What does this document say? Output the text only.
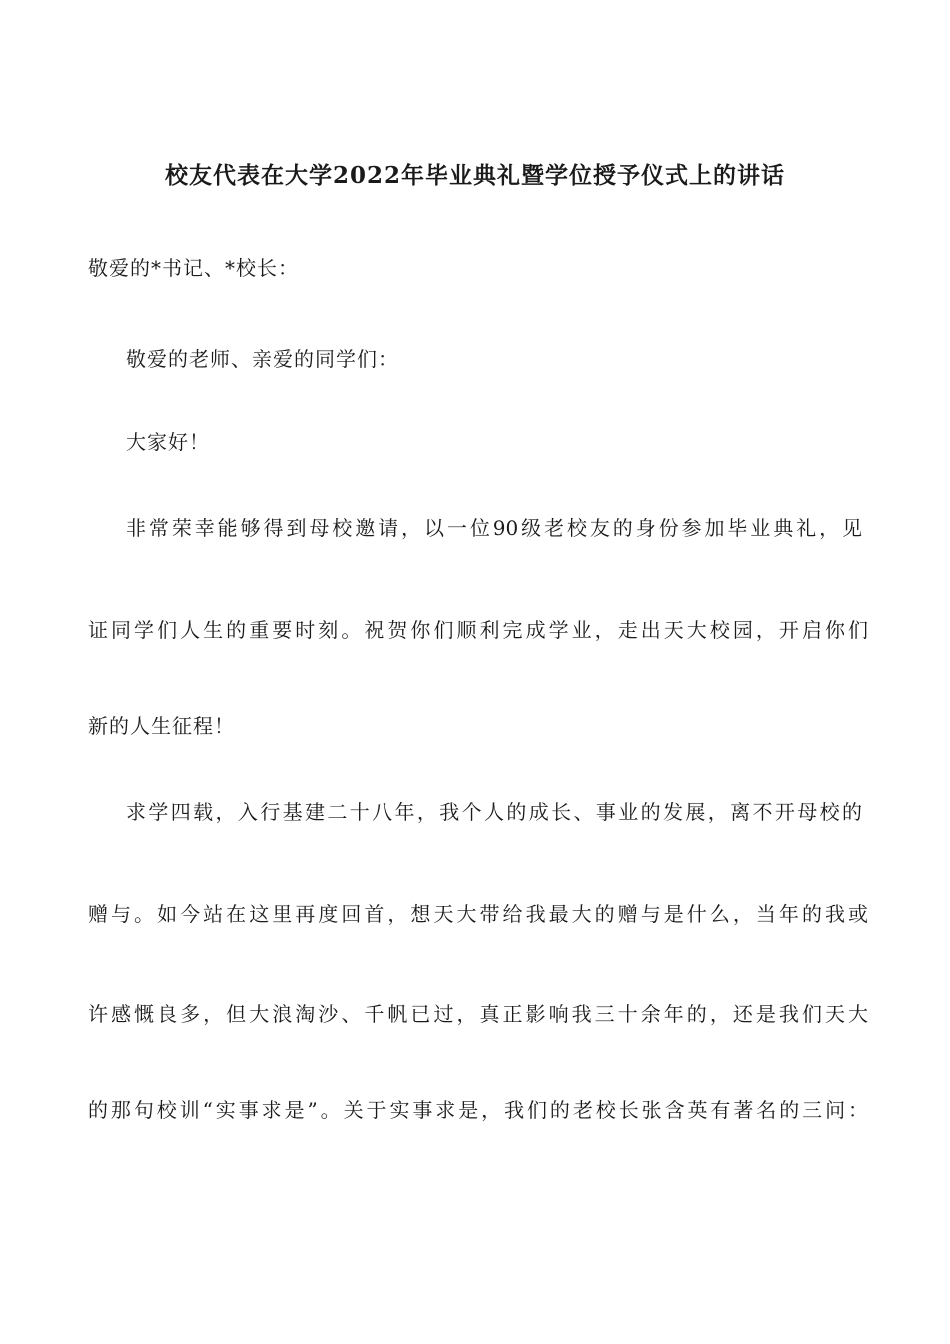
校友代表在大学2022年毕业典礼暨学位授予仪式上的讲话
敬爱的*书记、*校长：
敬爱的老师、亲爱的同学们：
大家好！
非常荣幸能够得到母校邀请，以一位90级老校友的身份参加毕业典礼，见
证同学们人生的重要时刻。祝贺你们顺利完成学业，走出天大校园，开启你们
新的人生征程！
求学四载，入行基建二十八年，我个人的成长、事业的发展，离不开母校的
赠与。如今站在这里再度回首，想天大带给我最大的赠与是什么，当年的我或
许感慨良多，但大浪淘沙、千帆已过，真正影响我三十余年的，还是我们天大
的那句校训“实事求是”。关于实事求是，我们的老校长张含英有著名的三问：
